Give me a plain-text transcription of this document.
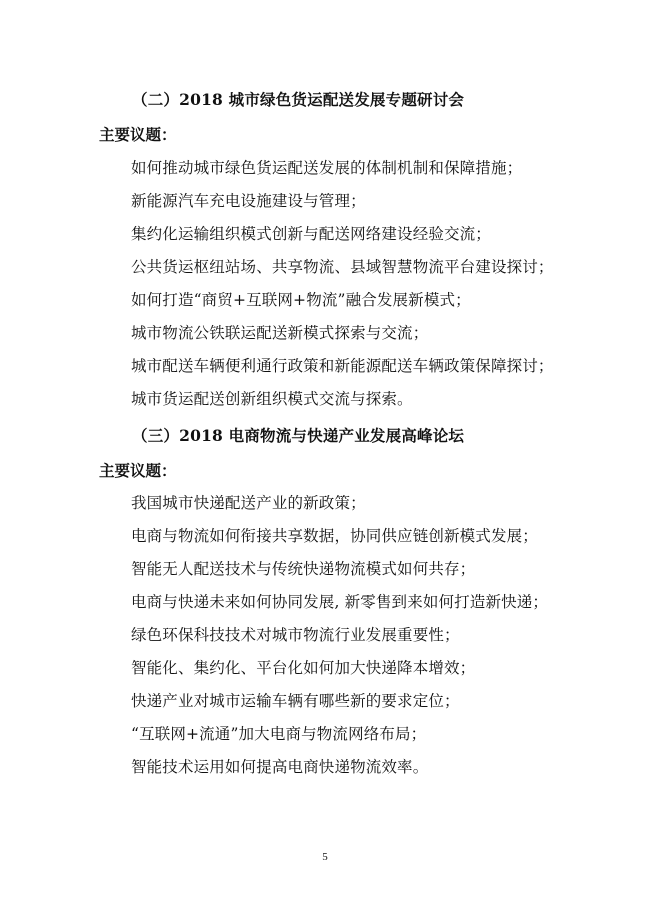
（二）2018 城市绿色货运配送发展专题研讨会
主要议题：
如何推动城市绿色货运配送发展的体制机制和保障措施；
新能源汽车充电设施建设与管理；
集约化运输组织模式创新与配送网络建设经验交流；
公共货运枢纽站场、共享物流、县域智慧物流平台建设探讨；
如何打造“商贸+互联网+物流”融合发展新模式；
城市物流公铁联运配送新模式探索与交流；
城市配送车辆便利通行政策和新能源配送车辆政策保障探讨；
城市货运配送创新组织模式交流与探索。
（三）2018 电商物流与快递产业发展高峰论坛
主要议题：
我国城市快递配送产业的新政策；
电商与物流如何衔接共享数据，协同供应链创新模式发展；
智能无人配送技术与传统快递物流模式如何共存；
电商与快递未来如何协同发展, 新零售到来如何打造新快递；
绿色环保科技技术对城市物流行业发展重要性；
智能化、集约化、平台化如何加大快递降本增效；
快递产业对城市运输车辆有哪些新的要求定位；
“互联网+流通”加大电商与物流网络布局；
智能技术运用如何提高电商快递物流效率。
5
